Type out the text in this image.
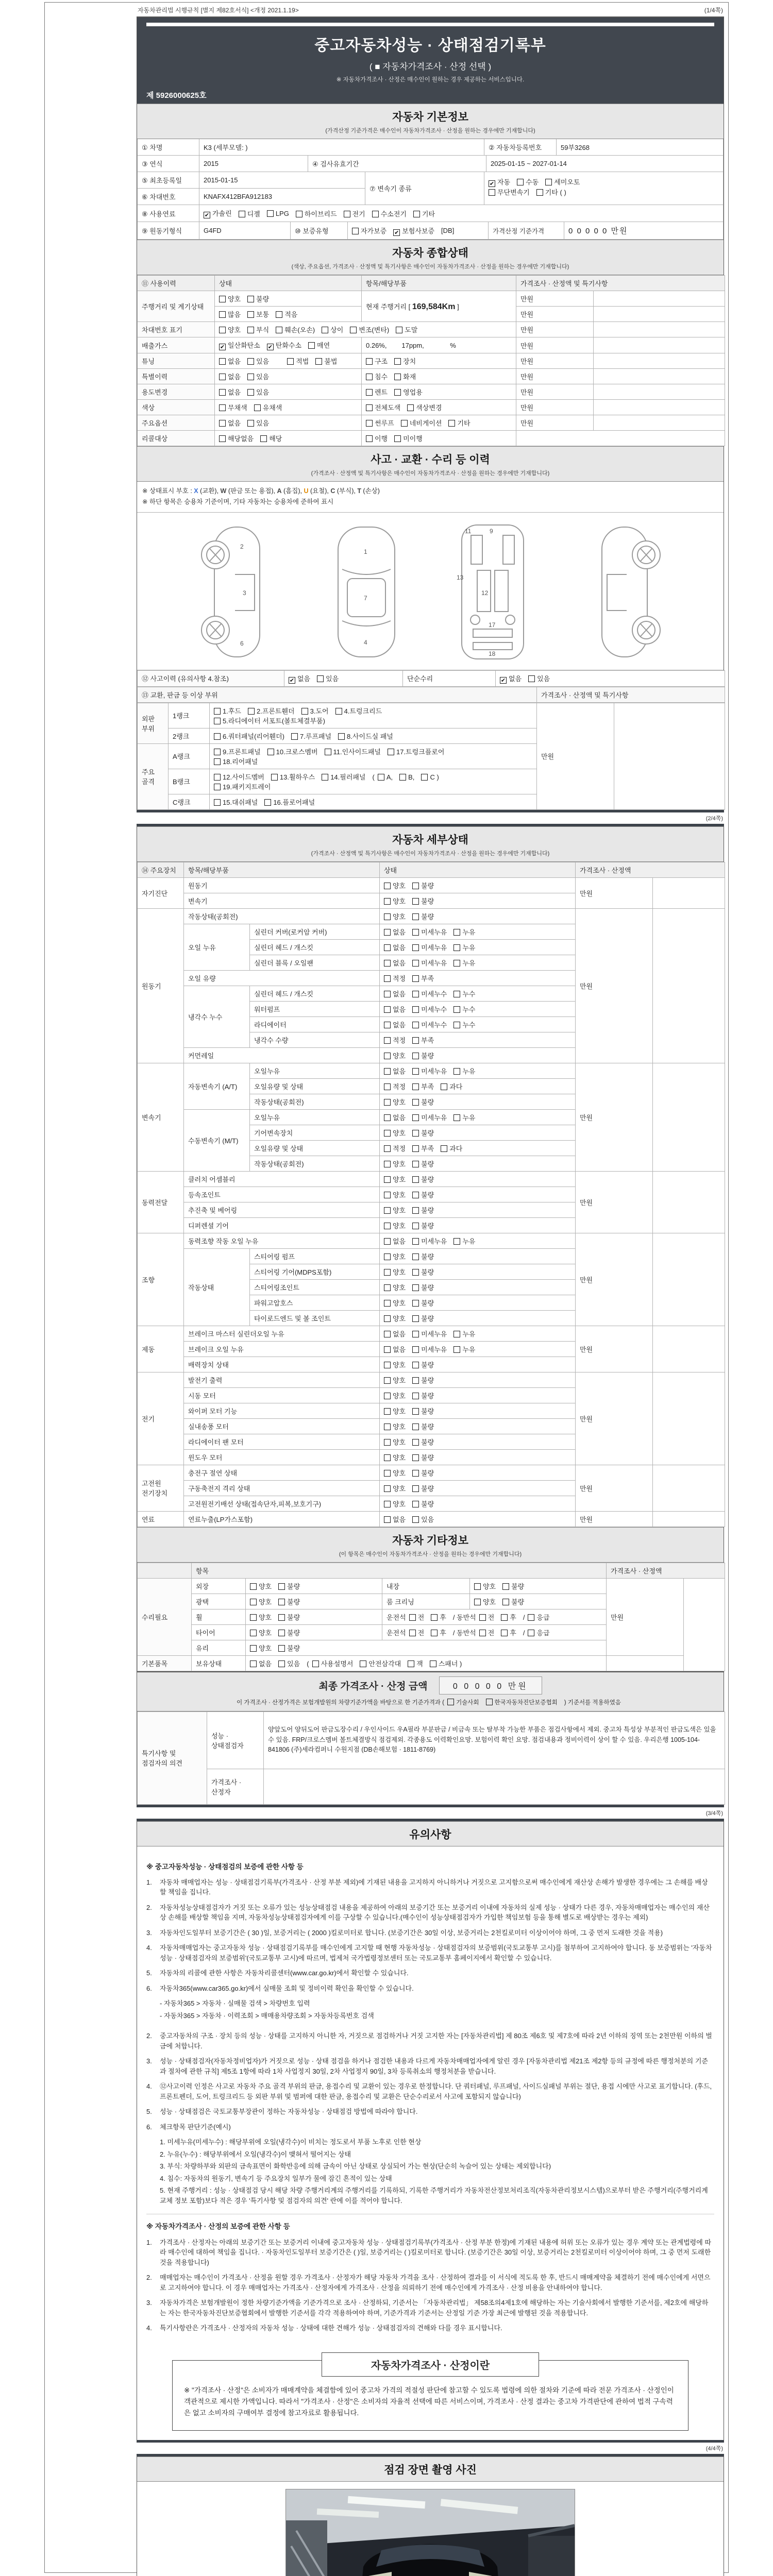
자동차관리법 시행규칙 [별지 제82호서식] <개정 2021.1.19>	(1/4쪽)
중고자동차성능 · 상태점검기록부
( ■ 자동차가격조사 · 산정 선택 )
※ 자동차가격조사 · 산정은 매수인이 원하는 경우 제공하는 서비스입니다.
제 5926000625호
자동차 기본정보
(가격산정 기준가격은 매수인이 자동차가격조사 · 산정을 원하는 경우에만 기재합니다)
① 차명	K3 (세부모델: )	② 자동차등록번호	59부3268
③ 연식	2015	④ 검사유효기간	2025-01-15 ~ 2027-01-14
⑤ 최초등록일	2015-01-15
⑥ 차대번호	KNAFX412BFA912183
⑦ 변속기 종류
✔ 자동 수동 세미오토
무단변속기 기타 ( )
⑧ 사용연료	✔ 가솔린	디젤	LPG	하이브리드	전기	수소전기	기타
⑨ 원동기형식	G4FD	⑩ 보증유형	자가보증 ✔ 보험사보증 [DB]	가격산정 기준가격	0 0 0 0 0 만원
자동차 종합상태
(색상, 주요옵션, 가격조사 · 산정액 및 특기사항은 매수인이 자동차가격조사 · 산정을 원하는 경우에만 기재합니다)
⑪ 사용이력	상태	항목/해당부품	가격조사 · 산정액 및 특기사항	
주행거리 및 계기상태	양호 불량	현재 주행거리 [ 169,584Km ]	만원	
	많음 보통 적음		만원	
차대번호 표기	양호 부식 훼손(오손) 상이 변조(변타) 도말		만원	
배출가스	✔ 일산화탄소 ✔ 탄화수소 매연	0.26%,        17ppm,              %	만원	
튜닝	없음 있음 적법 불법	구조 장치	만원	
특별이력	없음 있음	침수 화재	만원	
용도변경	없음 있음	렌트 영업용	만원	
색상	무채색 유채색	전체도색 색상변경	만원	
주요옵션	없음 있음	썬루프 네비게이션 기타	만원	
리콜대상	해당없음 해당	이행 미이행		
사고 · 교환 · 수리 등 이력
(가격조사 · 산정액 및 특기사항은 매수인이 자동차가격조사 · 산정을 원하는 경우에만 기재합니다)
※ 상태표시 부호 : X (교환), W (판금 또는 용접), A (흠집), U (요철), C (부식), T (손상)
※ 하단 항목은 승용차 기준이며, 기타 자동차는 승용차에 준하여 표시
2
3
6
1
7
4
11	9
13
12
17
18
⑫ 사고이력 (유의사항 4.참조)	✔ 없음 있음	단순수리	✔ 없음 있음
⑬ 교환, 판금 등 이상 부위	가격조사 · 산정액 및 특기사항
외판 부위	1랭크	1.후드 2.프론트휀더 3.도어 4.트렁크리드
5.라디에이터 서포트(볼트체결부품)	만원	
	2랭크	6.쿼터패널(리어휀더) 7.루프패널 8.사이드실 패널		
주요 골격	A랭크	9.프론트패널 10.크로스멤버 11.인사이드패널 17.트렁크플로어
18.리어패널		
	B랭크	12.사이드멤버 13.휠하우스 14.필러패널 ( A, B, C )
19.패키지트레이		
	C랭크	15.대쉬패널 16.플로어패널		
(2/4쪽)
자동차 세부상태
(가격조사 · 산정액 및 특기사항은 매수인이 자동차가격조사 · 산정을 원하는 경우에만 기재합니다)
⑭ 주요장치	항목/해당부품		상태	가격조사 · 산정액	
자기진단	원동기		양호 불량	만원	
	변속기		양호 불량		
원동기	작동상태(공회전)		양호 불량	만원	
	오일 누유	실린더 커버(로커암 커버)	없음 미세누유 누유		
		실린더 헤드 / 개스킷	없음 미세누유 누유		
		실린더 블록 / 오일팬	없음 미세누유 누유		
	오일 유량		적정 부족		
	냉각수 누수	실린더 헤드 / 개스킷	없음 미세누수 누수		
		워터펌프	없음 미세누수 누수		
		라디에이터	없음 미세누수 누수		
		냉각수 수량	적정 부족		
	커먼레일		양호 불량		
변속기	자동변속기 (A/T)	오일누유	없음 미세누유 누유	만원	
		오일유량 및 상태	적정 부족 과다		
		작동상태(공회전)	양호 불량		
	수동변속기 (M/T)	오일누유	없음 미세누유 누유		
		기어변속장치	양호 불량		
		오일유량 및 상태	적정 부족 과다		
		작동상태(공회전)	양호 불량		
동력전달	클러치 어셈블리		양호 불량	만원	
	등속조인트		양호 불량		
	추진축 및 베어링		양호 불량		
	디퍼렌셜 기어		양호 불량		
조향	동력조향 작동 오일 누유		없음 미세누유 누유	만원	
	작동상태	스티어링 펌프	양호 불량		
		스티어링 기어(MDPS포함)	양호 불량		
		스티어링조인트	양호 불량		
		파워고압호스	양호 불량		
		타이로드엔드 및 볼 조인트	양호 불량		
제동	브레이크 마스터 실린더오일 누유		없음 미세누유 누유	만원	
	브레이크 오일 누유		없음 미세누유 누유		
	배력장치 상태		양호 불량		
전기	발전기 출력		양호 불량	만원	
	시동 모터		양호 불량		
	와이퍼 모터 기능		양호 불량		
	실내송풍 모터		양호 불량		
	라디에이터 팬 모터		양호 불량		
	윈도우 모터		양호 불량		
고전원 전기장치	충전구 절연 상태		양호 불량	만원	
	구동축전지 격리 상태		양호 불량		
	고전원전기배선 상태(접속단자,피복,보호기구)		양호 불량		
연료	연료누출(LP가스포함)		없음 있음	만원	
자동차 기타정보
(이 항목은 매수인이 자동차가격조사 · 산정을 원하는 경우에만 기재합니다)
	항목				가격조사 · 산정액	
수리필요	외장	양호 불량	내장	양호 불량	만원	
	광택	양호 불량	룸 크리닝	양호 불량		
	휠	양호 불량	운전석 전 후 / 동반석 전 후 / 응급			
	타이어	양호 불량	운전석 전 후 / 동반석 전 후 / 응급			
	유리	양호 불량				
기본품목	보유상태	없음 있음 ( 사용설명서 안전삼각대 잭 스패너 )				
최종 가격조사 · 산정 금액	0 0 0 0 0 만원
이 가격조사 · 산정가격은 보험개발원의 차량기준가액을 바탕으로 한 기준가격과 ( 기술사회	한국자동차진단보증협회 ) 기준서를 적용하였음
특기사항 및 점검자의 의견	성능 · 상태점검자	양앞도어 양뒤도어 판금도장수리 / 우인사이드 우A필라 부분판금 / 비금속 또는 탈부착 가능한 부품은 점검사항에서 제외. 중고차 특성상 부분적인 판금도색은 있을 수 있음. FRP/크로스멤버 볼트체결방식 점검제외. 각종용도 이력확인요망. 보험이력 확인 요망. 점검내용과 정비이력이 상이 할 수 있음. 우리은행 1005-104-841806 (주)세라컴퍼니 수원지점 (DB손해보험 · 1811-8769)
	가격조사 · 산정자	
(3/4쪽)
유의사항
※ 중고자동차성능 · 상태점검의 보증에 관한 사항 등
1.	자동차 매매업자는 성능 · 상태점검기록부(가격조사 · 산정 부분 제외)에 기재된 내용을 고지하지 아니하거나 거짓으로 고지함으로써 매수인에게 재산상 손해가 발생한 경우에는 그 손해를 배상할 책임을 집니다.
2.	자동차성능상태점검자가 거짓 또는 오류가 있는 성능상태점검 내용을 제공하여 아래의 보증기간 또는 보증거리 이내에 자동차의 실제 성능 · 상태가 다른 경우, 자동차매매업자는 매수인의 재산상 손해를 배상할 책임을 지며, 자동차성능상태점검자에게 이를 구상할 수 있습니다.(매수인이 성능상태점검자가 가입한 책임보험 등을 통해 별도로 배상받는 경우는 제외)
3.	자동차인도일부터 보증기간은 ( 30 )일, 보증거리는 ( 2000 )킬로미터로 합니다. (보증기간은 30일 이상, 보증거리는 2천킬로미터 이상이어야 하며, 그 중 먼저 도래한 것을 적용)
4.	자동차매매업자는 중고자동차 성능 · 상태점검기록부를 매수인에게 고지할 때 현행 자동차성능 · 상태점검자의 보증범위(국토교통부 고시)를 첨부하여 고지하여야 합니다. 동 보증범위는 '자동차성능 · 상태점검자의 보증범위'(국토교통부 고시)에 따르며, 법제처 국가법령정보센터 또는 국토교통부 홈페이지에서 확인할 수 있습니다.
5.	자동차의 리콜에 관한 사항은 자동차리콜센터(www.car.go.kr)에서 확인할 수 있습니다.
6.	자동차365(www.car365.go.kr)에서 실매물 조회 및 정비이력 확인을 확인할 수 있습니다.
- 자동차365 > 자동차 · 실매물 검색 > 차량번호 입력
- 자동차365 > 자동차 · 이력조회 > 매매용차량조회 > 자동차등록번호 검색
2.	중고자동차의 구조 · 장치 등의 성능 · 상태를 고지하지 아니한 자, 거짓으로 점검하거나 거짓 고지한 자는 [자동차관리법] 제 80조 제6호 및 제7호에 따라 2년 이하의 징역 또는 2천만원 이하의 벌금에 처합니다.
3.	성능 · 상태점검자(자동차정비업자)가 거짓으로 성능 · 상태 점검을 하거나 점검한 내용과 다르게 자동차매매업자에게 알린 경우 [자동차관리법 제21조 제2항 등의 규정에 따른 행정처분의 기준과 절차에 관한 규칙] 제5조 1항에 따라 1차 사업정지 30일, 2차 사업정지 90일, 3차 등록취소의 행정처분을 받습니다.
4.	⑫사고이력 인정은 사고로 자동차 주요 골격 부위의 판금, 용접수리 및 교환이 있는 경우로 한정합니다. 단 쿼터패널, 루프패널, 사이드실패널 부위는 절단, 용접 시에만 사고로 표기합니다. (후드, 프론트펜더, 도어, 트렁크리드 등 외판 부위 및 범퍼에 대한 판금, 용접수리 및 교환은 단순수리로서 사고에 포함되지 않습니다)
5.	성능 · 상태점검은 국토교통부장관이 정하는 자동차성능 · 상태점검 방법에 따라야 합니다.
6.	체크항목 판단기준(예시)
1. 미세누유(미세누수) : 해당부위에 오일(냉각수)이 비치는 정도로서 부품 노후로 인한 현상
2. 누유(누수) : 해당부위에서 오일(냉각수)이 맺혀서 떨어지는 상태
3. 부식: 차량하부와 외판의 금속표면이 화학반응에 의해 금속이 아닌 상태로 상실되어 가는 현상(단순히 녹슬어 있는 상태는 제외합니다)
4. 침수: 자동차의 원동기, 변속기 등 주요장치 일부가 물에 잠긴 흔적이 있는 상태
5. 현재 주행거리 : 성능 · 상태점검 당시 해당 차량 주행거리계의 주행거리를 기록하되, 기록한 주행거리가 자동차전산정보처리조직(자동차관리정보시스템)으로부터 받은 주행거리(주행거리계 교체 정보 포함)보다 적은 경우 '특기사항 및 점검자의 의견' 란에 이를 적어야 합니다.
※ 자동차가격조사 · 산정의 보증에 관한 사항 등
1.	가격조사 · 산정자는 아래의 보증기간 또는 보증거리 이내에 중고자동차 성능 · 상태점검기록부(가격조사 · 산정 부분 한정)에 기재된 내용에 허위 또는 오류가 있는 경우 계약 또는 관계법령에 따라 매수인에 대하여 책임을 집니다. · 자동차인도일부터 보증기간은 ( )일, 보증거리는 ( )킬로미터로 합니다. (보증기간은 30일 이상, 보증거리는 2천킬로미터 이상이어야 하며, 그 중 먼저 도래한 것을 적용합니다)
2.	매매업자는 매수인이 가격조사 · 산정을 원할 경우 가격조사 · 산정자가 해당 자동차 가격을 조사 · 산정하여 결과를 이 서식에 적도록 한 후, 반드시 매매계약을 체결하기 전에 매수인에게 서면으로 고지하여야 합니다. 이 경우 매매업자는 가격조사 · 산정자에게 가격조사 · 산정을 의뢰하기 전에 매수인에게 가격조사 · 산정 비용을 안내하여야 합니다.
3.	자동차가격은 보험개발원이 정한 차량기준가액을 기준가격으로 조사 · 산정하되, 기준서는 「자동차관리법」 제58조의4제1호에 해당하는 자는 기술사회에서 발행한 기준서를, 제2호에 해당하는 자는 한국자동차진단보증협회에서 발행한 기준서를 각각 적용하여야 하며, 기준가격과 기준서는 산정일 기준 가장 최근에 발행된 것을 적용합니다.
4.	특기사항란은 가격조사 · 산정자의 자동차 성능 · 상태에 대한 견해가 성능 · 상태점검자의 견해와 다를 경우 표시합니다.
자동차가격조사 · 산정이란
※ "가격조사 · 산정"은 소비자가 매매계약을 체결함에 있어 중고차 가격의 적절성 판단에 참고할 수 있도록 법령에 의한 절차와 기준에 따라 전문 가격조사 · 산정인이 객관적으로 제시한 가액입니다. 따라서 "가격조사 · 산정"은 소비자의 자율적 선택에 따른 서비스이며, 가격조사 · 산정 결과는 중고차 가격판단에 관하여 법적 구속력은 없고 소비자의 구매여부 결정에 참고자료로 활용됩니다.
(4/4쪽)
점검 장면 촬영 사진
